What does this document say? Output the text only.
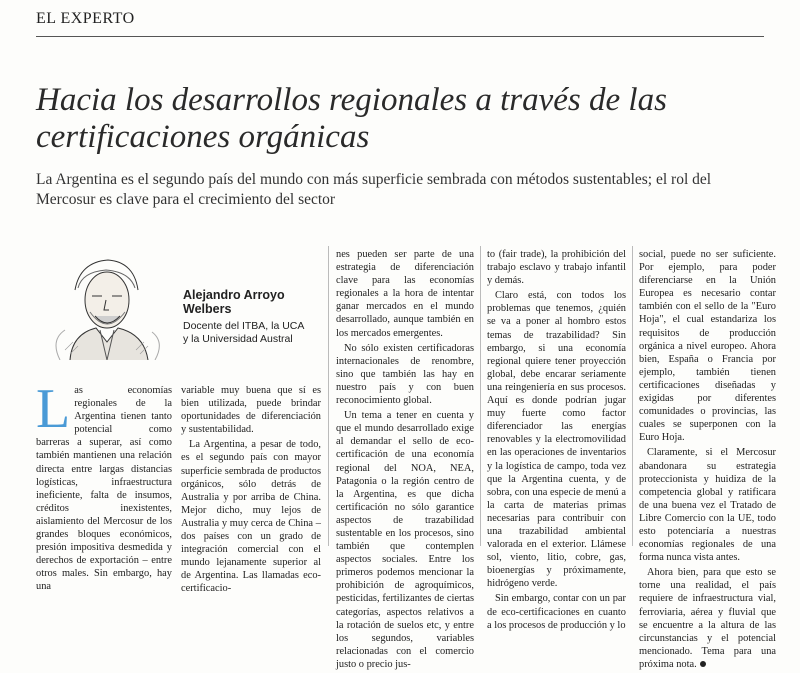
EL EXPERTO
Hacia los desarrollos regionales a través de las certificaciones orgánicas

La Argentina es el segundo país del mundo con más superficie sembrada con métodos sustentables; el rol del Mercosur es clave para el crecimiento del sector

Alejandro Arroyo
Welbers
Docente del ITBA, la UCA
y la Universidad Austral

Las economías regionales de la Argentina tienen tanto potencial como barreras a superar, así como también mantienen una relación directa entre largas distancias logísticas, infraestructura ineficiente, falta de insumos, créditos inexistentes, aislamiento del Mercosur de los grandes bloques económicos, presión impositiva desmedida y derechos de exportación – entre otros males. Sin embargo, hay una

variable muy buena que sí es bien utilizada, puede brindar oportunidades de diferenciación y sustentabilidad.

La Argentina, a pesar de todo, es el segundo país con mayor superficie sembrada de productos orgánicos, sólo detrás de Australia y por arriba de China. Mejor dicho, muy lejos de Australia y muy cerca de China – dos países con un grado de integración comercial con el mundo lejanamente superior al de Argentina. Las llamadas eco-certificacio-

nes pueden ser parte de una estrategia de diferenciación clave para las economías regionales a la hora de intentar ganar mercados en el mundo desarrollado, aunque también en los mercados emergentes.

No sólo existen certificadoras internacionales de renombre, sino que también las hay en nuestro país y con buen reconocimiento global.

Un tema a tener en cuenta y que el mundo desarrollado exige al demandar el sello de eco-certificación de una economía regional del NOA, NEA, Patagonia o la región centro de la Argentina, es que dicha certificación no sólo garantice aspectos de trazabilidad sustentable en los procesos, sino también que contemplen aspectos sociales. Entre los primeros podemos mencionar la prohibición de agroquímicos, pesticidas, fertilizantes de ciertas categorías, aspectos relativos a la rotación de suelos etc, y entre los segundos, variables relacionadas con el comercio justo o precio jus-

to (fair trade), la prohibición del trabajo esclavo y trabajo infantil y demás.

Claro está, con todos los problemas que tenemos, ¿quién se va a poner al hombro estos temas de trazabilidad? Sin embargo, si una economía regional quiere tener proyección global, debe encarar seriamente una reingeniería en sus procesos. Aquí es donde podrían jugar muy fuerte como factor diferenciador las energías renovables y la electromovilidad en las operaciones de inventarios y la logística de campo, toda vez que la Argentina cuenta, y de sobra, con una especie de menú a la carta de materias primas necesarias para contribuir con una trazabilidad ambiental valorada en el exterior. Llámese sol, viento, litio, cobre, gas, bioenergías y próximamente, hidrógeno verde.

Sin embargo, contar con un par de eco-certificaciones en cuanto a los procesos de producción y lo

social, puede no ser suficiente. Por ejemplo, para poder diferenciarse en la Unión Europea es necesario contar también con el sello de la "Euro Hoja", el cual estandariza los requisitos de producción orgánica a nivel europeo. Ahora bien, España o Francia por ejemplo, también tienen certificaciones diseñadas y exigidas por diferentes comunidades o provincias, las cuales se superponen con la Euro Hoja.

Claramente, si el Mercosur abandonara su estrategia proteccionista y huidiza de la competencia global y ratificara de una buena vez el Tratado de Libre Comercio con la UE, todo esto potenciaría a nuestras economías regionales de una forma nunca vista antes.

Ahora bien, para que esto se torne una realidad, el país requiere de infraestructura vial, ferroviaria, aérea y fluvial que se encuentre a la altura de las circunstancias y el potencial mencionado. Tema para una próxima nota.
